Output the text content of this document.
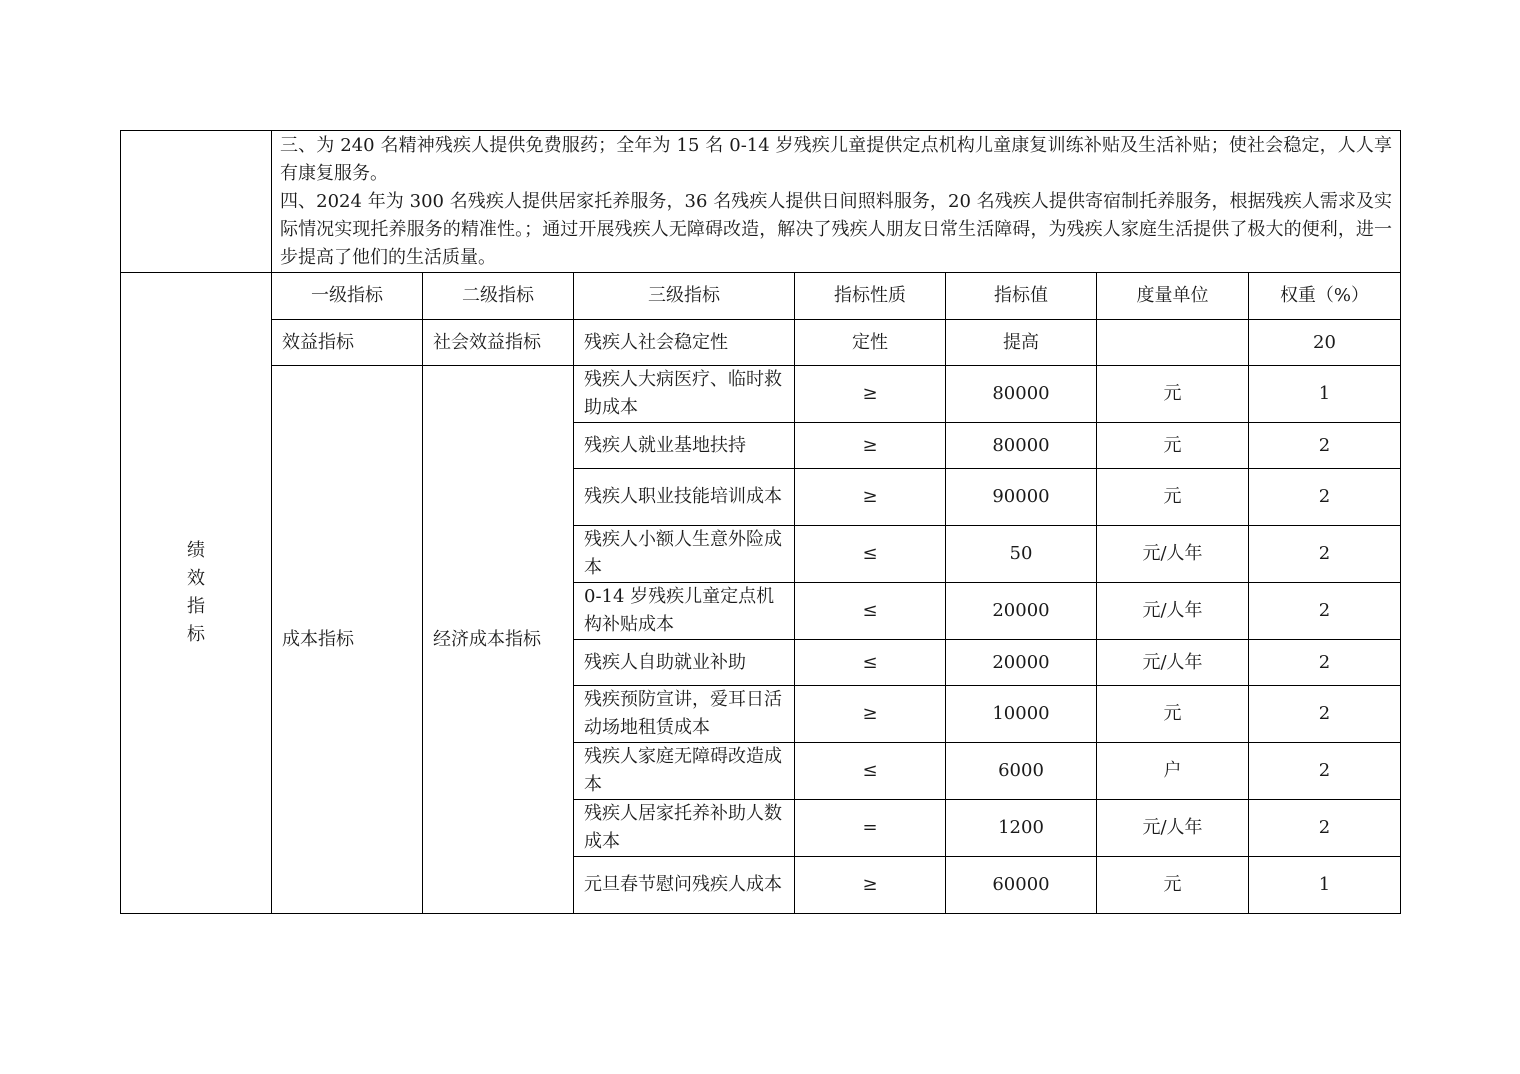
	三、为 240 名精神残疾人提供免费服药；全年为 15 名 0-14 岁残疾儿童提供定点机构儿童康复训练补贴及生活补贴；使社会稳定，人人享有康复服务。

四、2024 年为 300 名残疾人提供居家托养服务，36 名残疾人提供日间照料服务，20 名残疾人提供寄宿制托养服务，根据残疾人需求及实际情况实现托养服务的精准性。；通过开展残疾人无障碍改造，解决了残疾人朋友日常生活障碍，为残疾人家庭生活提供了极大的便利，进一步提高了他们的生活质量。						

绩
效
指
标	一级指标	二级指标	三级指标	指标性质	指标值	度量单位	权重（%）
	效益指标	社会效益指标	残疾人社会稳定性	定性	提高		20
	成本指标	经济成本指标	残疾人大病医疗、临时救助成本	≥	80000	元	1
			残疾人就业基地扶持	≥	80000	元	2
			残疾人职业技能培训成本	≥	90000	元	2
			残疾人小额人生意外险成本	≤	50	元/人年	2
			0-14 岁残疾儿童定点机构补贴成本	≤	20000	元/人年	2
			残疾人自助就业补助	≤	20000	元/人年	2
			残疾预防宣讲，爱耳日活动场地租赁成本	≥	10000	元	2
			残疾人家庭无障碍改造成本	≤	6000	户	2
			残疾人居家托养补助人数成本	=	1200	元/人年	2
			元旦春节慰问残疾人成本	≥	60000	元	1
